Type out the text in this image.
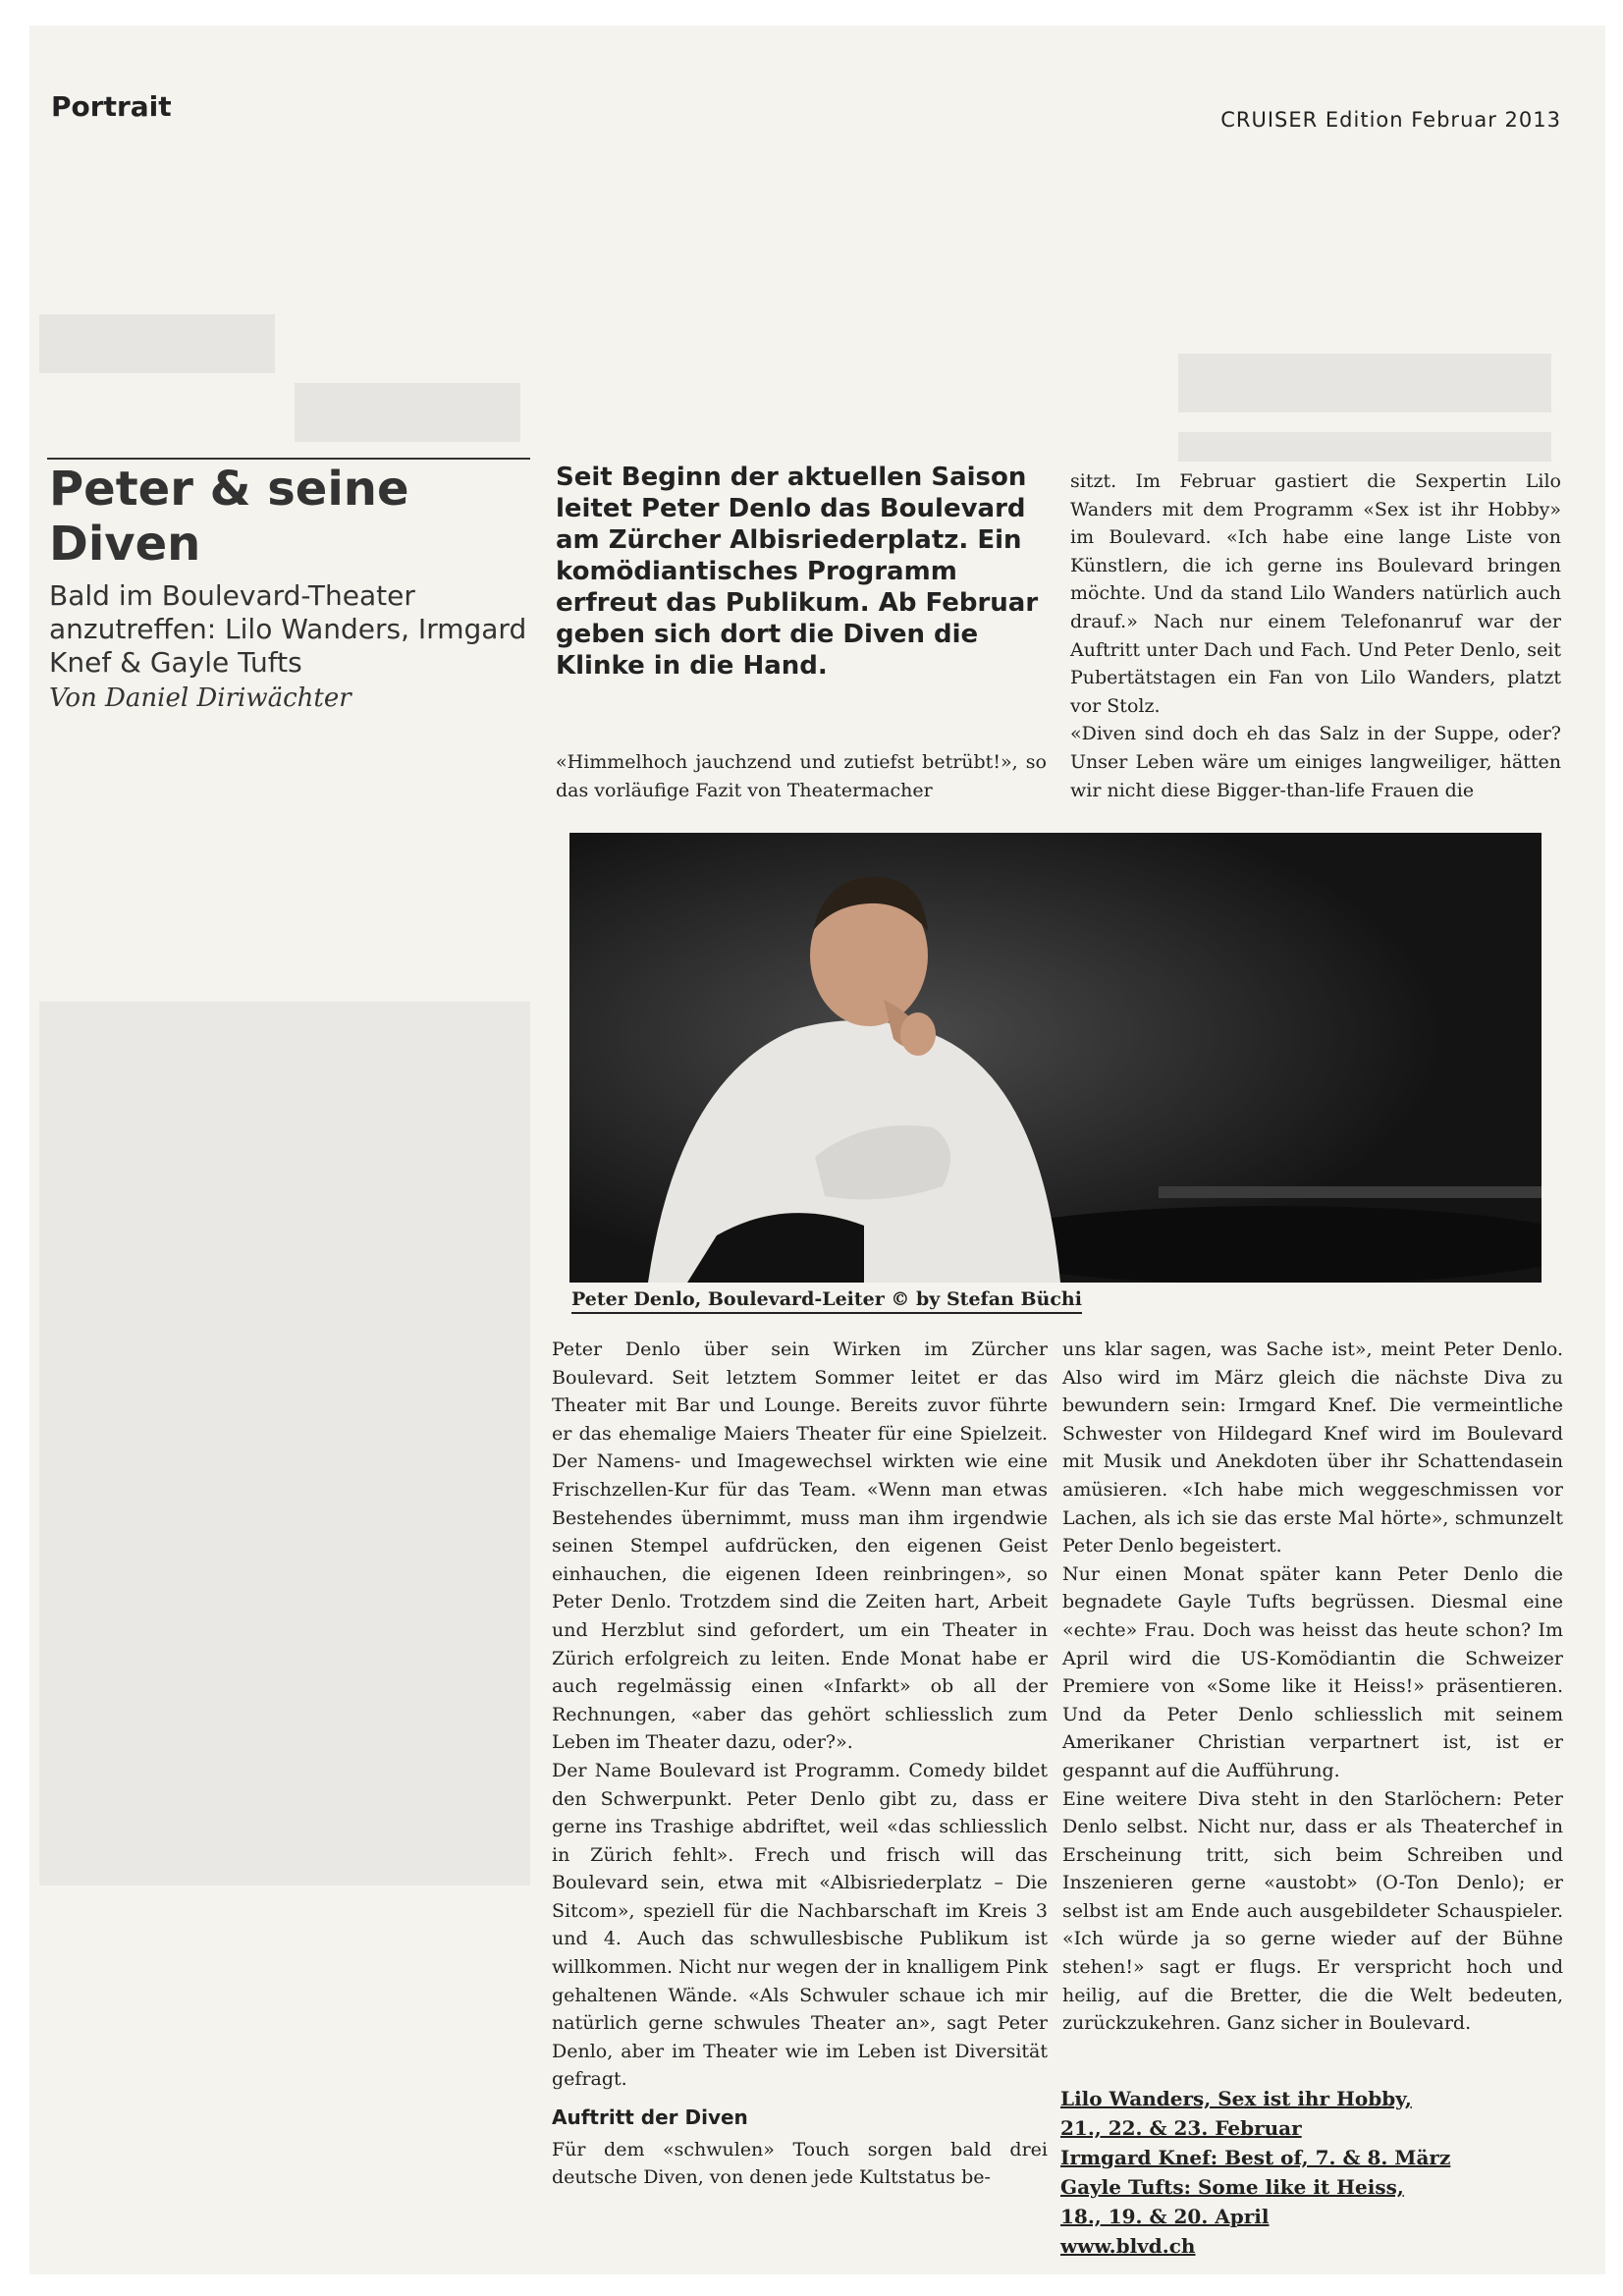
Portrait	CRUISER Edition Februar 2013
Peter & seine
Diven
Bald im Boulevard-Theater anzutreffen: Lilo Wanders, Irmgard Knef & Gayle Tufts
Von Daniel Diriwächter
Seit Beginn der aktuellen Saison leitet Peter Denlo das Boulevard am Zürcher Albisriederplatz. Ein komödiantisches Programm erfreut das Publikum. Ab Februar geben sich dort die Diven die Klinke in die Hand.

«Himmelhoch jauchzend und zutiefst betrübt!», so das vorläufige Fazit von Theatermacher

sitzt. Im Februar gastiert die Sexpertin Lilo Wanders mit dem Programm «Sex ist ihr Hobby» im Boulevard. «Ich habe eine lange Liste von Künstlern, die ich gerne ins Boulevard bringen möchte. Und da stand Lilo Wanders natürlich auch drauf.» Nach nur einem Telefonanruf war der Auftritt unter Dach und Fach. Und Peter Denlo, seit Pubertätstagen ein Fan von Lilo Wanders, platzt vor Stolz.

«Diven sind doch eh das Salz in der Suppe, oder? Unser Leben wäre um einiges langweiliger, hätten wir nicht diese Bigger-than-life Frauen die

Peter Denlo, Boulevard-Leiter © by Stefan Büchi

Peter Denlo über sein Wirken im Zürcher Boulevard. Seit letztem Sommer leitet er das Theater mit Bar und Lounge. Bereits zuvor führte er das ehemalige Maiers Theater für eine Spielzeit. Der Namens- und Imagewechsel wirkten wie eine Frischzellen-Kur für das Team. «Wenn man etwas Bestehendes übernimmt, muss man ihm irgendwie seinen Stempel aufdrücken, den eigenen Geist einhauchen, die eigenen Ideen reinbringen», so Peter Denlo. Trotzdem sind die Zeiten hart, Arbeit und Herzblut sind gefordert, um ein Theater in Zürich erfolgreich zu leiten. Ende Monat habe er auch regelmässig einen «Infarkt» ob all der Rechnungen, «aber das gehört schliesslich zum Leben im Theater dazu, oder?».

Der Name Boulevard ist Programm. Comedy bildet den Schwerpunkt. Peter Denlo gibt zu, dass er gerne ins Trashige abdriftet, weil «das schliesslich in Zürich fehlt». Frech und frisch will das Boulevard sein, etwa mit «Albisriederplatz – Die Sitcom», speziell für die Nachbarschaft im Kreis 3 und 4. Auch das schwullesbische Publikum ist willkommen. Nicht nur wegen der in knalligem Pink gehaltenen Wände. «Als Schwuler schaue ich mir natürlich gerne schwules Theater an», sagt Peter Denlo, aber im Theater wie im Leben ist Diversität gefragt.

Auftritt der Diven

Für dem «schwulen» Touch sorgen bald drei deutsche Diven, von denen jede Kultstatus be-

uns klar sagen, was Sache ist», meint Peter Denlo. Also wird im März gleich die nächste Diva zu bewundern sein: Irmgard Knef. Die vermeintliche Schwester von Hildegard Knef wird im Boulevard mit Musik und Anekdoten über ihr Schattendasein amüsieren. «Ich habe mich weggeschmissen vor Lachen, als ich sie das erste Mal hörte», schmunzelt Peter Denlo begeistert.

Nur einen Monat später kann Peter Denlo die begnadete Gayle Tufts begrüssen. Diesmal eine «echte» Frau. Doch was heisst das heute schon? Im April wird die US-Komödiantin die Schweizer Premiere von «Some like it Heiss!» präsentieren. Und da Peter Denlo schliesslich mit seinem Amerikaner Christian verpartnert ist, ist er gespannt auf die Aufführung.

Eine weitere Diva steht in den Starlöchern: Peter Denlo selbst. Nicht nur, dass er als Theaterchef in Erscheinung tritt, sich beim Schreiben und Inszenieren gerne «austobt» (O-Ton Denlo); er selbst ist am Ende auch ausgebildeter Schauspieler. «Ich würde ja so gerne wieder auf der Bühne stehen!» sagt er flugs. Er verspricht hoch und heilig, auf die Bretter, die die Welt bedeuten, zurückzukehren. Ganz sicher in Boulevard.

Lilo Wanders, Sex ist ihr Hobby,
21., 22. & 23. Februar
Irmgard Knef: Best of, 7. & 8. März
Gayle Tufts: Some like it Heiss,
18., 19. & 20. April
www.blvd.ch
